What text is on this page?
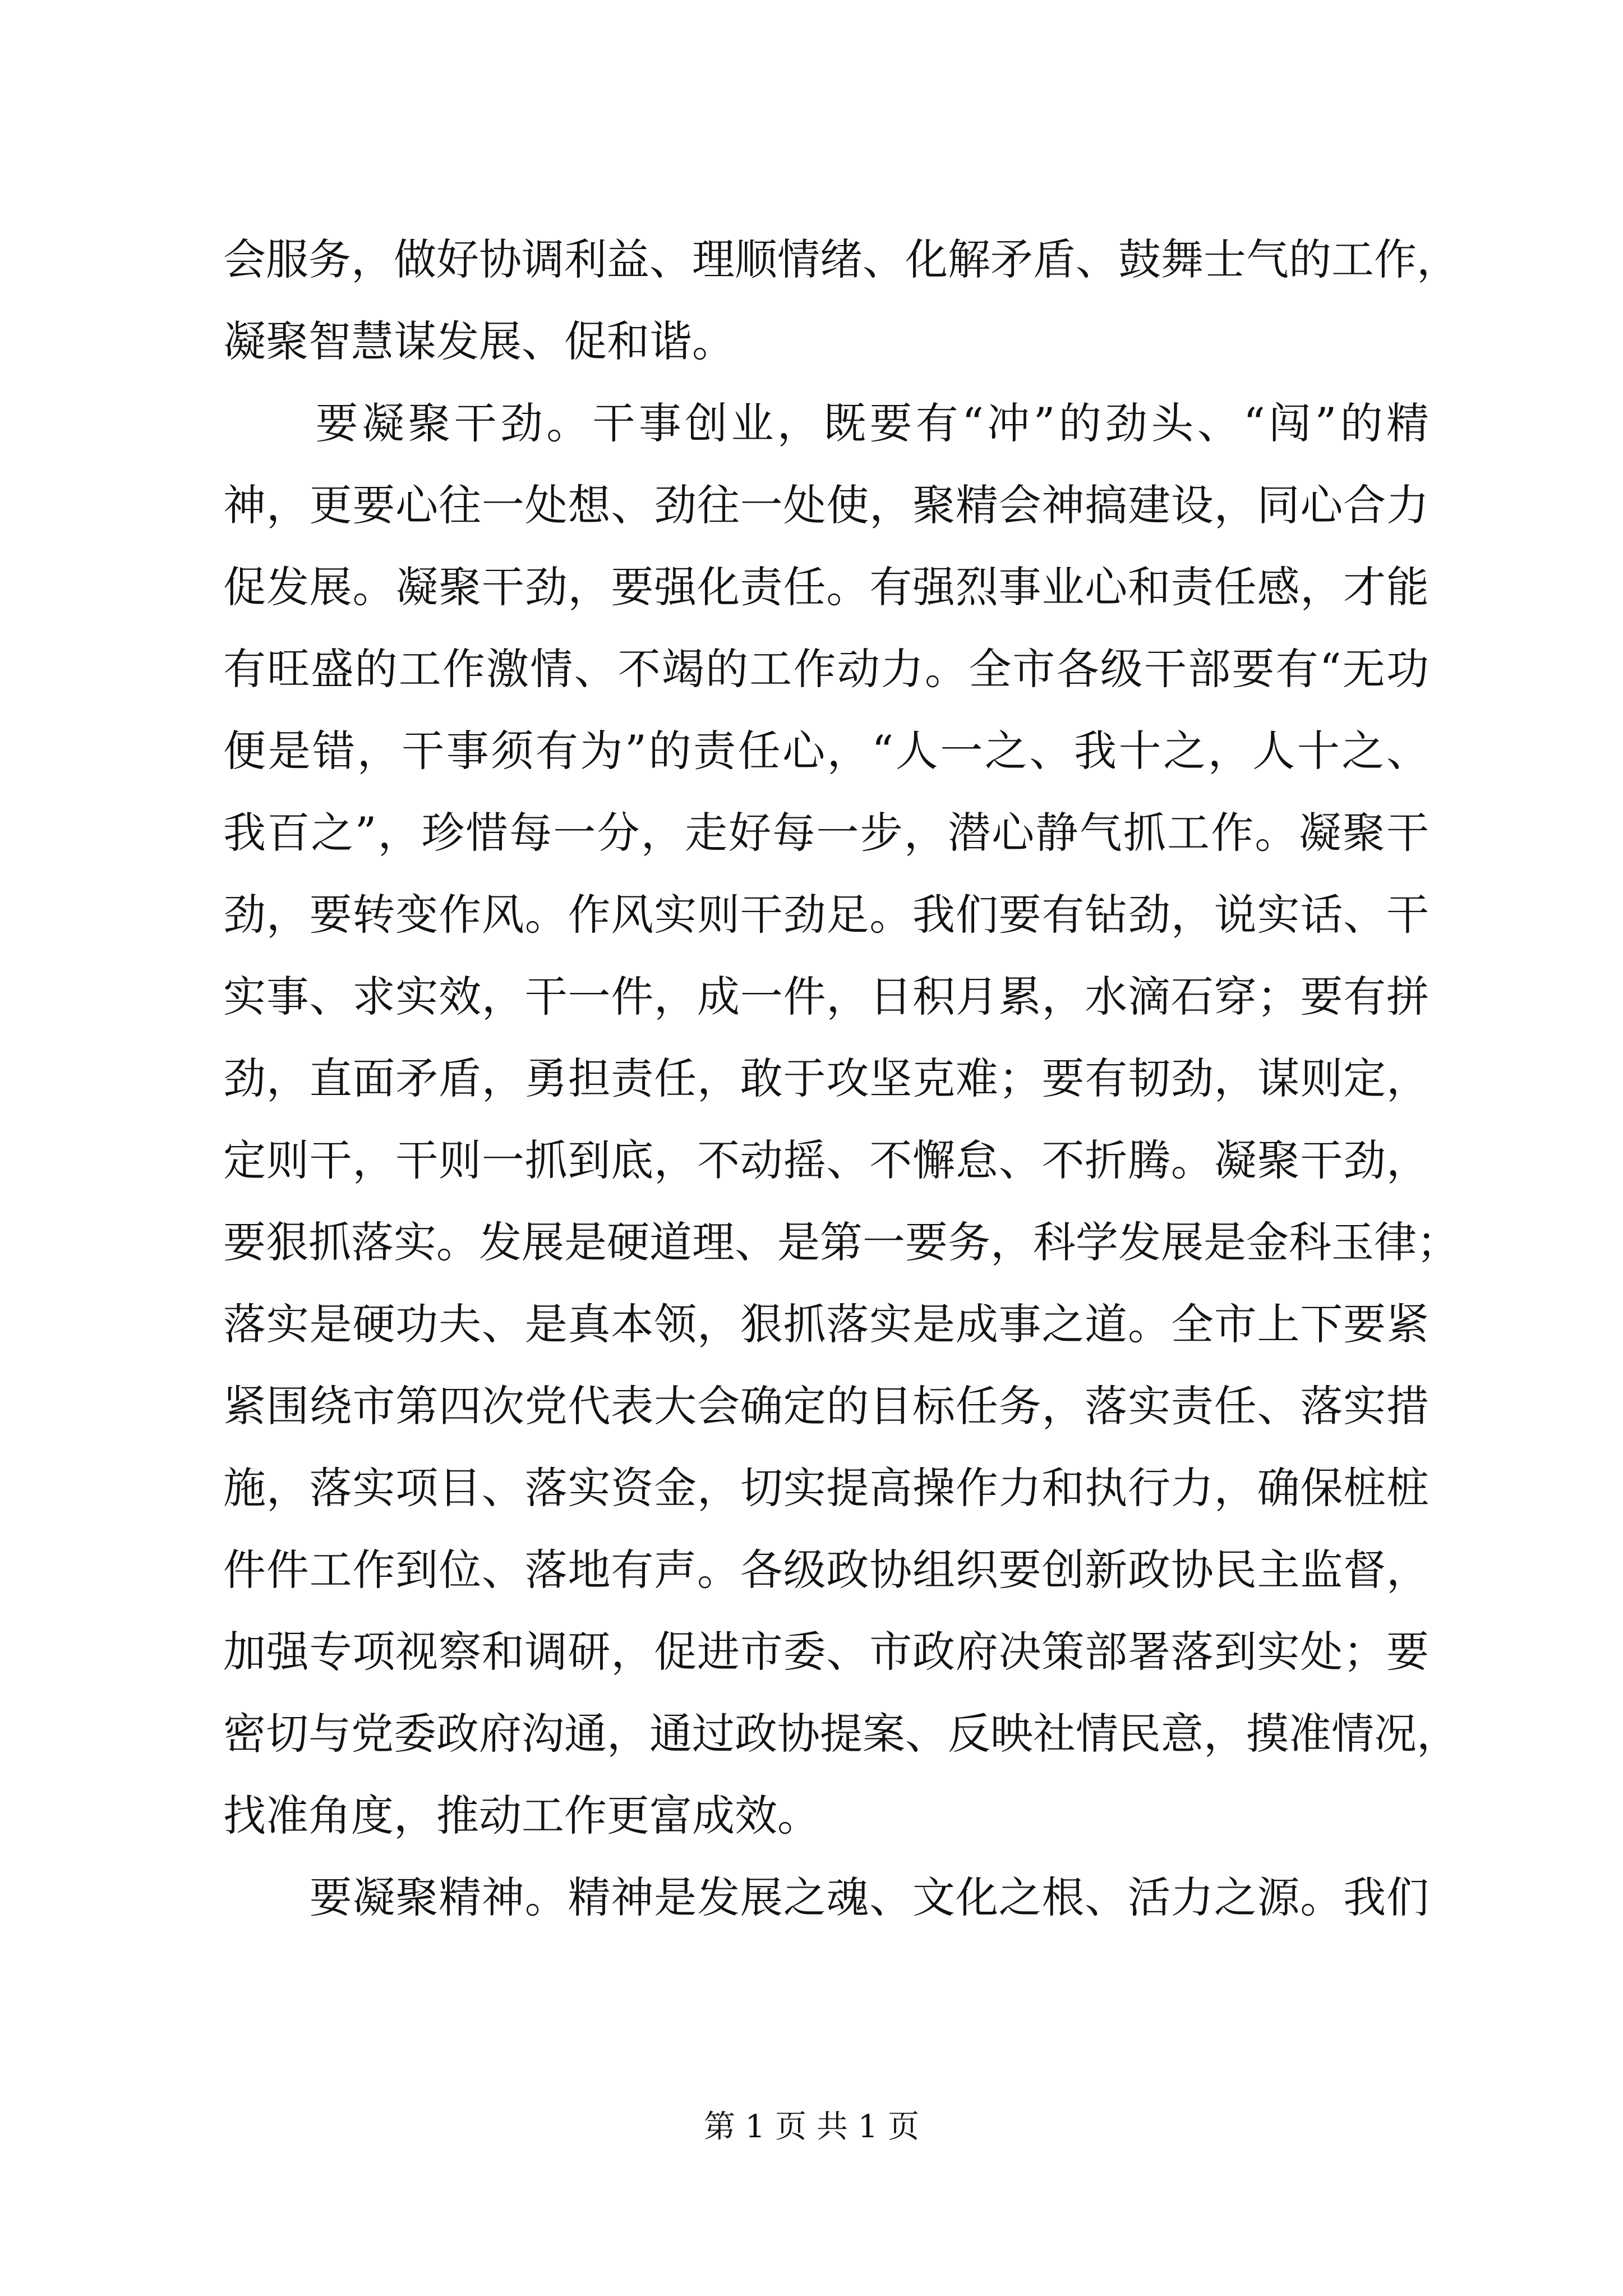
会服务，做好协调利益、理顺情绪、化解矛盾、鼓舞士气的工作，
凝聚智慧谋发展、促和谐。
　　要凝聚干劲。干事创业，既要有“冲”的劲头、“闯”的精
神，更要心往一处想、劲往一处使，聚精会神搞建设，同心合力
促发展。凝聚干劲，要强化责任。有强烈事业心和责任感，才能
有旺盛的工作激情、不竭的工作动力。全市各级干部要有“无功
便是错，干事须有为”的责任心，“人一之、我十之，人十之、
我百之”，珍惜每一分，走好每一步，潜心静气抓工作。凝聚干
劲，要转变作风。作风实则干劲足。我们要有钻劲，说实话、干
实事、求实效，干一件，成一件，日积月累，水滴石穿；要有拼
劲，直面矛盾，勇担责任，敢于攻坚克难；要有韧劲，谋则定，
定则干，干则一抓到底，不动摇、不懈怠、不折腾。凝聚干劲，
要狠抓落实。发展是硬道理、是第一要务，科学发展是金科玉律；
落实是硬功夫、是真本领，狠抓落实是成事之道。全市上下要紧
紧围绕市第四次党代表大会确定的目标任务，落实责任、落实措
施，落实项目、落实资金，切实提高操作力和执行力，确保桩桩
件件工作到位、落地有声。各级政协组织要创新政协民主监督，
加强专项视察和调研，促进市委、市政府决策部署落到实处；要
密切与党委政府沟通，通过政协提案、反映社情民意，摸准情况，
找准角度，推动工作更富成效。
　　要凝聚精神。精神是发展之魂、文化之根、活力之源。我们
第 1 页 共 1 页
